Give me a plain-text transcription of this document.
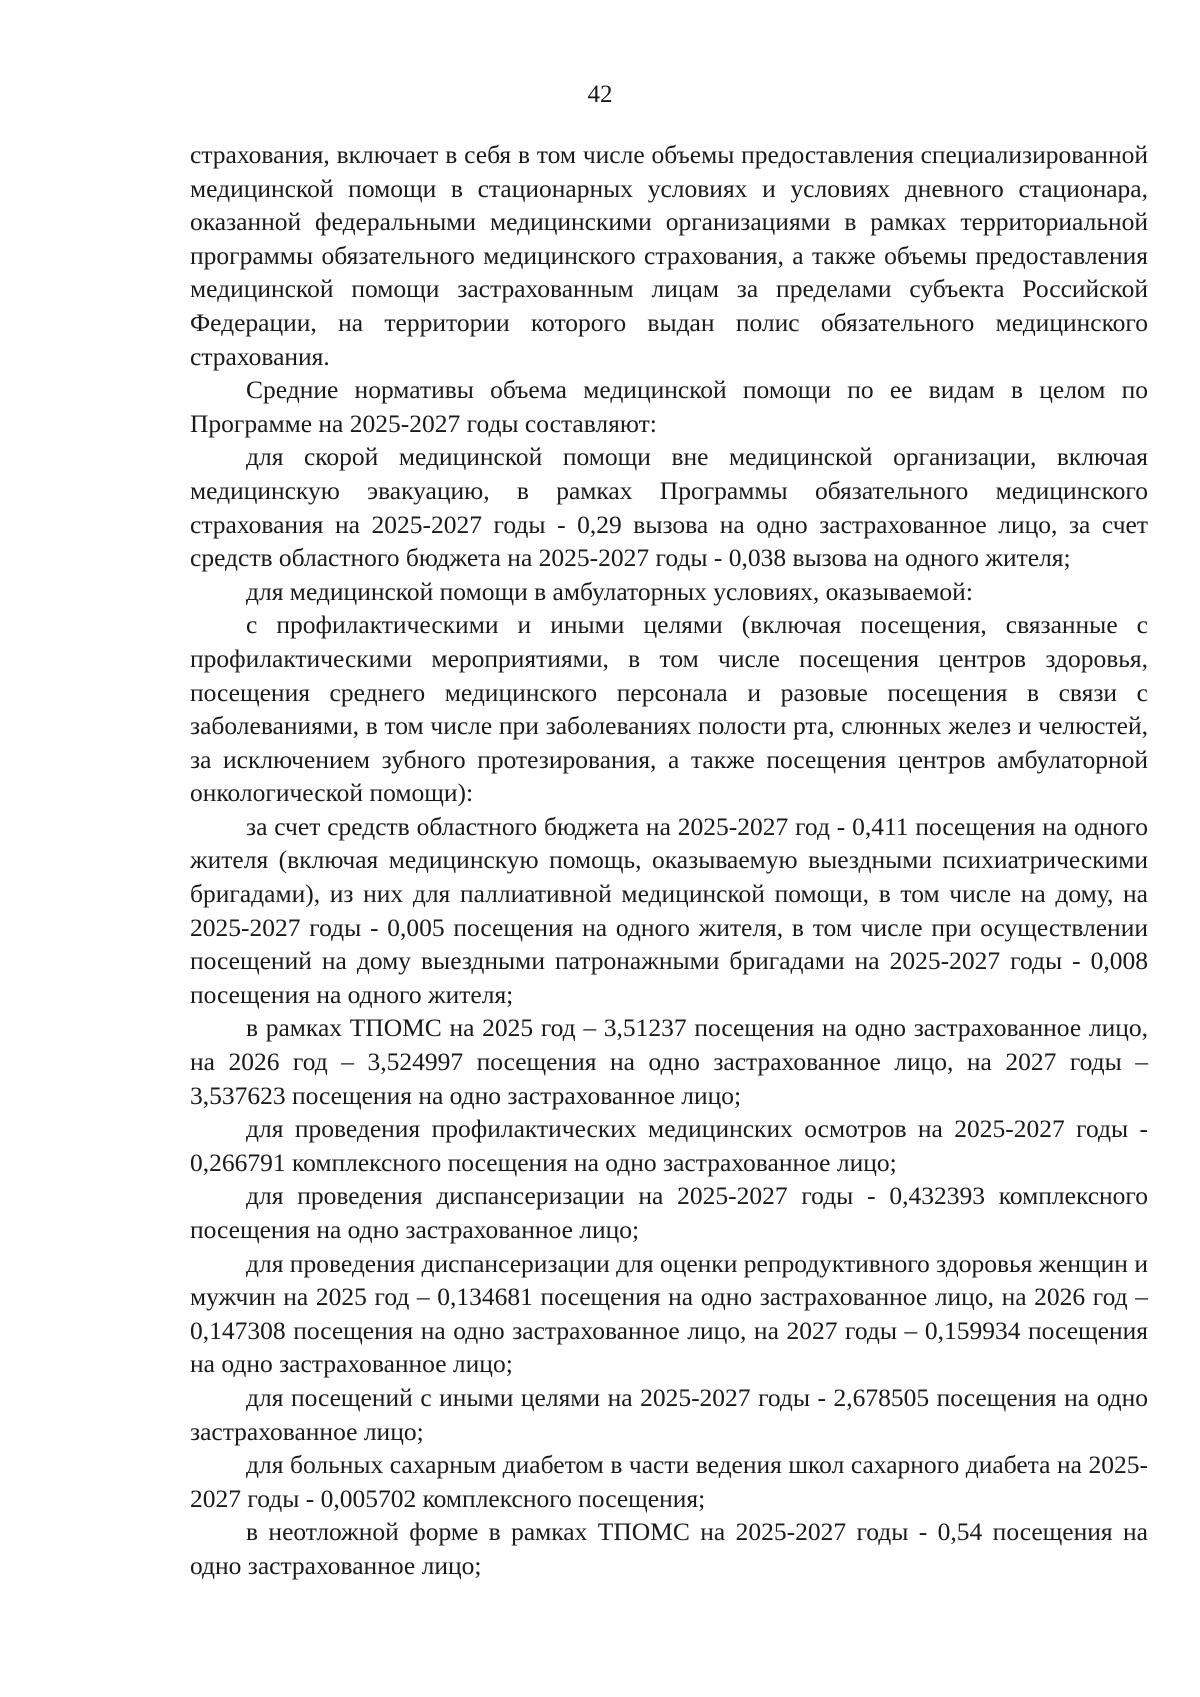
42

страхования, включает в себя в том числе объемы предоставления специализированной медицинской помощи в стационарных условиях и условиях дневного стационара, оказанной федеральными медицинскими организациями в рамках территориальной программы обязательного медицинского страхования, а также объемы предоставления медицинской помощи застрахованным лицам за пределами субъекта Российской Федерации, на территории которого выдан полис обязательного медицинского страхования.

Средние нормативы объема медицинской помощи по ее видам в целом по Программе на 2025-2027 годы составляют:

для скорой медицинской помощи вне медицинской организации, включая медицинскую эвакуацию, в рамках Программы обязательного медицинского страхования на 2025-2027 годы - 0,29 вызова на одно застрахованное лицо, за счет средств областного бюджета на 2025-2027 годы - 0,038 вызова на одного жителя;

для медицинской помощи в амбулаторных условиях, оказываемой:

с профилактическими и иными целями (включая посещения, связанные с профилактическими мероприятиями, в том числе посещения центров здоровья, посещения среднего медицинского персонала и разовые посещения в связи с заболеваниями, в том числе при заболеваниях полости рта, слюнных желез и челюстей, за исключением зубного протезирования, а также посещения центров амбулаторной онкологической помощи):

за счет средств областного бюджета на 2025-2027 год - 0,411 посещения на одного жителя (включая медицинскую помощь, оказываемую выездными психиатрическими бригадами), из них для паллиативной медицинской помощи, в том числе на дому, на 2025-2027 годы - 0,005 посещения на одного жителя, в том числе при осуществлении посещений на дому выездными патронажными бригадами на 2025-2027 годы - 0,008 посещения на одного жителя;

в рамках ТПОМС на 2025 год – 3,51237 посещения на одно застрахованное лицо, на 2026 год – 3,524997 посещения на одно застрахованное лицо, на 2027 годы – 3,537623 посещения на одно застрахованное лицо;

для проведения профилактических медицинских осмотров на 2025-2027 годы - 0,266791 комплексного посещения на одно застрахованное лицо;

для проведения диспансеризации на 2025-2027 годы - 0,432393 комплексного посещения на одно застрахованное лицо;

для проведения диспансеризации для оценки репродуктивного здоровья женщин и мужчин на 2025 год – 0,134681 посещения на одно застрахованное лицо, на 2026 год – 0,147308 посещения на одно застрахованное лицо, на 2027 годы – 0,159934 посещения на одно застрахованное лицо;

для посещений с иными целями на 2025-2027 годы - 2,678505 посещения на одно застрахованное лицо;

для больных сахарным диабетом в части ведения школ сахарного диабета на 2025-2027 годы - 0,005702 комплексного посещения;

в неотложной форме в рамках ТПОМС на 2025-2027 годы - 0,54 посещения на одно застрахованное лицо;
